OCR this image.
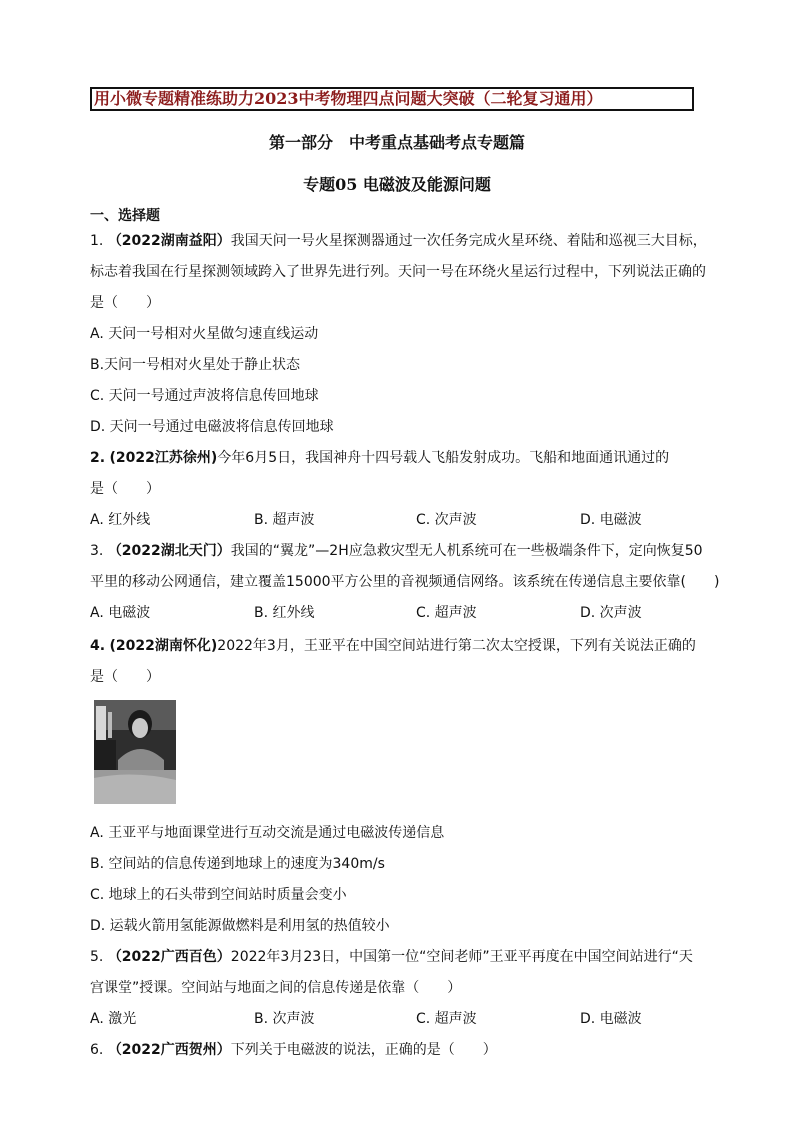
用小微专题精准练助力2023中考物理四点问题大突破（二轮复习通用）
第一部分　中考重点基础考点专题篇
专题05 电磁波及能源问题
一、选择题
1. （2022湖南益阳）我国天问一号火星探测器通过一次任务完成火星环绕、着陆和巡视三大目标，
标志着我国在行星探测领域跨入了世界先进行列。天问一号在环绕火星运行过程中，下列说法正确的
是（　　）
A. 天问一号相对火星做匀速直线运动
B.天问一号相对火星处于静止状态
C. 天问一号通过声波将信息传回地球
D. 天问一号通过电磁波将信息传回地球
2. (2022江苏徐州)今年6月5日，我国神舟十四号载人飞船发射成功。飞船和地面通讯通过的
是（　　）
A. 红外线	B. 超声波	C. 次声波	D. 电磁波
3. （2022湖北天门）我国的“翼龙”—2H应急救灾型无人机系统可在一些极端条件下，定向恢复50
平里的移动公网通信，建立覆盖15000平方公里的音视频通信网络。该系统在传递信息主要依靠(　　)
A. 电磁波	B. 红外线	C. 超声波	D. 次声波
4. (2022湖南怀化)2022年3月，王亚平在中国空间站进行第二次太空授课，下列有关说法正确的
是（　　）
A. 王亚平与地面课堂进行互动交流是通过电磁波传递信息
B. 空间站的信息传递到地球上的速度为340m/s
C. 地球上的石头带到空间站时质量会变小
D. 运载火箭用氢能源做燃料是利用氢的热值较小
5. （2022广西百色）2022年3月23日，中国第一位“空间老师”王亚平再度在中国空间站进行“天
宫课堂”授课。空间站与地面之间的信息传递是依靠（　　）
A. 激光	B. 次声波	C. 超声波	D. 电磁波
6. （2022广西贺州）下列关于电磁波的说法，正确的是（　　）
